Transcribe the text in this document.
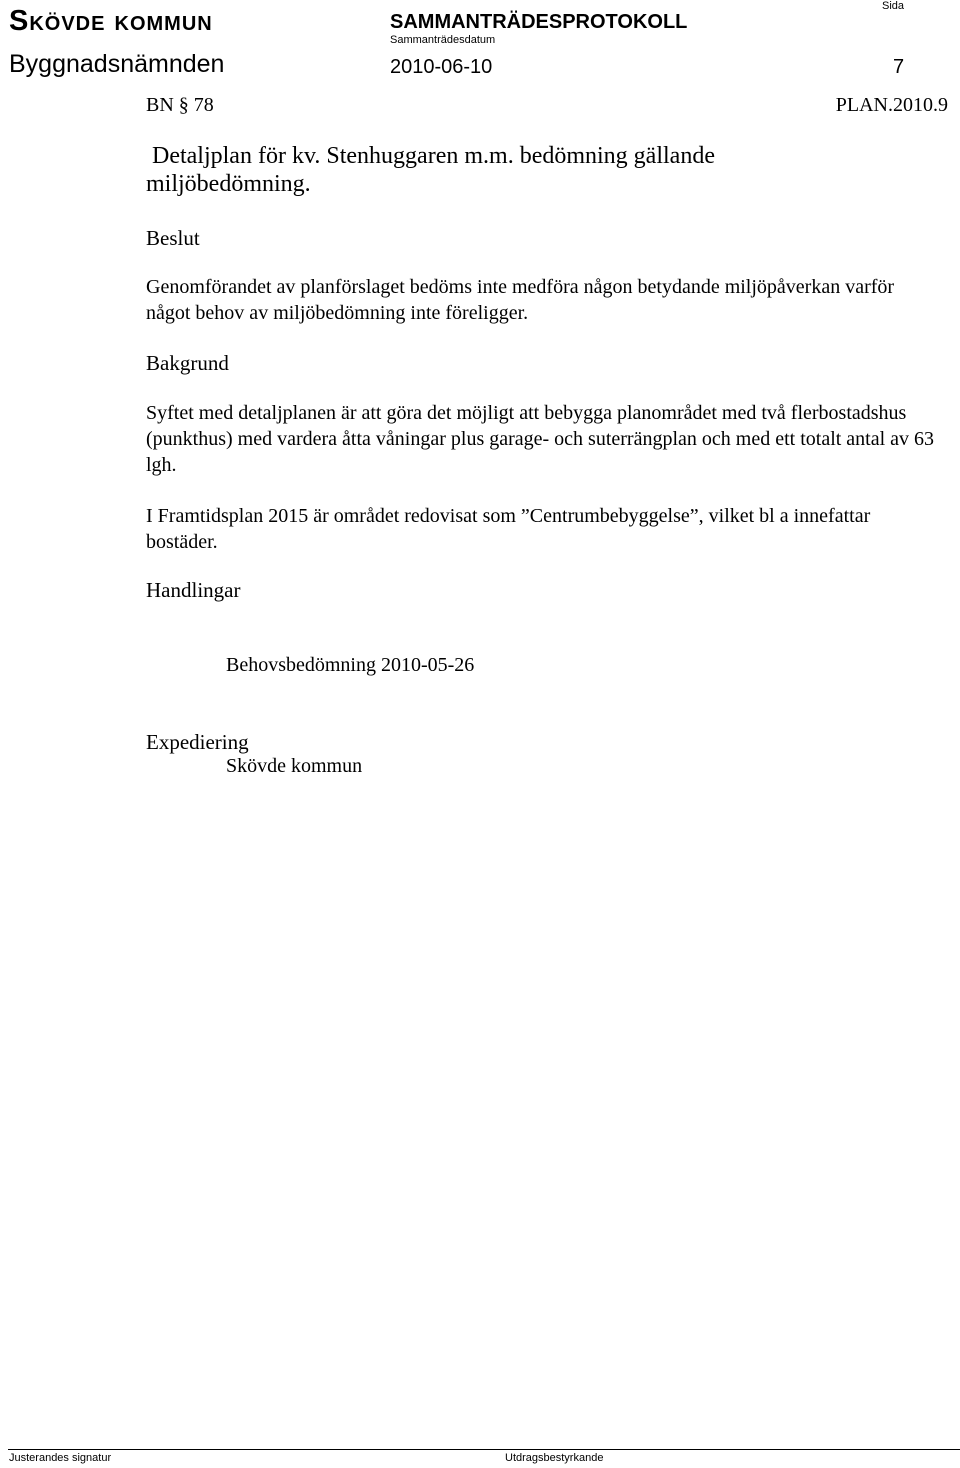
Skövde kommun	SAMMANTRÄDESPROTOKOLL
Sammanträdesdatum
Sida
Byggnadsnämnden	2010-06-10	7
BN § 78	PLAN.2010.9
Detaljplan för kv. Stenhuggaren m.m. bedömning gällande miljöbedömning.
Beslut

Genomförandet av planförslaget bedöms inte medföra någon betydande miljöpåverkan varför något behov av miljöbedömning inte föreligger.

Bakgrund

Syftet med detaljplanen är att göra det möjligt att bebygga planområdet med två flerbostadshus (punkthus) med vardera åtta våningar plus garage- och suterrängplan och med ett totalt antal av 63 lgh.

I Framtidsplan 2015 är området redovisat som ”Centrumbebyggelse”, vilket bl a innefattar bostäder.

Handlingar
Behovsbedömning 2010-05-26
Expediering
Skövde kommun
Justerandes signatur	Utdragsbestyrkande
